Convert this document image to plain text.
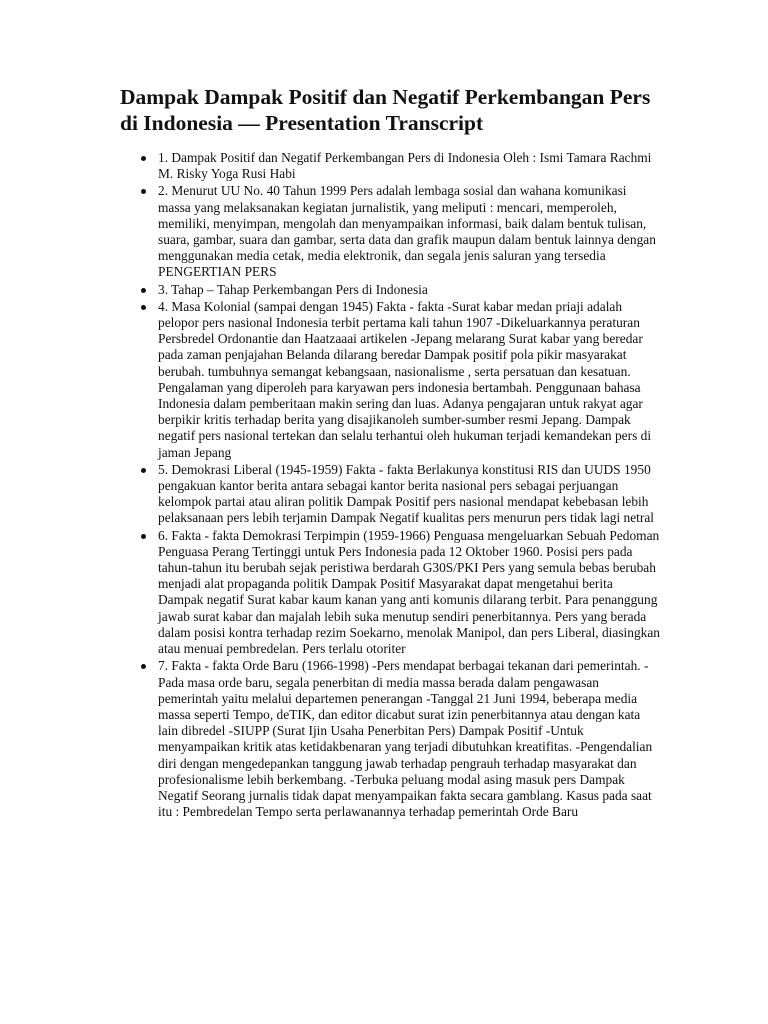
Dampak Dampak Positif dan Negatif Perkembangan Pers di Indonesia — Presentation Transcript
1. Dampak Positif dan Negatif Perkembangan Pers di Indonesia Oleh : Ismi Tamara Rachmi M. Risky Yoga Rusi Habi
2. Menurut UU No. 40 Tahun 1999 Pers adalah lembaga sosial dan wahana komunikasi massa yang melaksanakan kegiatan jurnalistik, yang meliputi : mencari, memperoleh, memiliki, menyimpan, mengolah dan menyampaikan informasi, baik dalam bentuk tulisan, suara, gambar, suara dan gambar, serta data dan grafik maupun dalam bentuk lainnya dengan menggunakan media cetak, media elektronik, dan segala jenis saluran yang tersedia PENGERTIAN PERS
3. Tahap – Tahap Perkembangan Pers di Indonesia
4. Masa Kolonial (sampai dengan 1945) Fakta - fakta -Surat kabar medan priaji adalah pelopor pers nasional Indonesia terbit pertama kali tahun 1907 -Dikeluarkannya peraturan Persbredel Ordonantie dan Haatzaaai artikelen -Jepang melarang Surat kabar yang beredar pada zaman penjajahan Belanda dilarang beredar Dampak positif pola pikir masyarakat berubah. tumbuhnya semangat kebangsaan, nasionalisme , serta persatuan dan kesatuan. Pengalaman yang diperoleh para karyawan pers indonesia bertambah. Penggunaan bahasa Indonesia dalam pemberitaan makin sering dan luas. Adanya pengajaran untuk rakyat agar berpikir kritis terhadap berita yang disajikanoleh sumber-sumber resmi Jepang. Dampak negatif pers nasional tertekan dan selalu terhantui oleh hukuman terjadi kemandekan pers di jaman Jepang
5. Demokrasi Liberal (1945-1959) Fakta - fakta Berlakunya konstitusi RIS dan UUDS 1950 pengakuan kantor berita antara sebagai kantor berita nasional pers sebagai perjuangan kelompok partai atau aliran politik Dampak Positif pers nasional mendapat kebebasan lebih pelaksanaan pers lebih terjamin Dampak Negatif kualitas pers menurun pers tidak lagi netral
6. Fakta - fakta Demokrasi Terpimpin (1959-1966) Penguasa mengeluarkan Sebuah Pedoman Penguasa Perang Tertinggi untuk Pers Indonesia pada 12 Oktober 1960. Posisi pers pada tahun-tahun itu berubah sejak peristiwa berdarah G30S/PKI Pers yang semula bebas berubah menjadi alat propaganda politik Dampak Positif Masyarakat dapat mengetahui berita Dampak negatif Surat kabar kaum kanan yang anti komunis dilarang terbit. Para penanggung jawab surat kabar dan majalah lebih suka menutup sendiri penerbitannya. Pers yang berada dalam posisi kontra terhadap rezim Soekarno, menolak Manipol, dan pers Liberal, diasingkan atau menuai pembredelan. Pers terlalu otoriter
7. Fakta - fakta Orde Baru (1966-1998) -Pers mendapat berbagai tekanan dari pemerintah. -Pada masa orde baru, segala penerbitan di media massa berada dalam pengawasan pemerintah yaitu melalui departemen penerangan -Tanggal 21 Juni 1994, beberapa media massa seperti Tempo, deTIK, dan editor dicabut surat izin penerbitannya atau dengan kata lain dibredel -SIUPP (Surat Ijin Usaha Penerbitan Pers) Dampak Positif -Untuk menyampaikan kritik atas ketidakbenaran yang terjadi dibutuhkan kreatifitas. -Pengendalian diri dengan mengedepankan tanggung jawab terhadap pengrauh terhadap masyarakat dan profesionalisme lebih berkembang. -Terbuka peluang modal asing masuk pers Dampak Negatif Seorang jurnalis tidak dapat menyampaikan fakta secara gamblang. Kasus pada saat itu : Pembredelan Tempo serta perlawanannya terhadap pemerintah Orde Baru
